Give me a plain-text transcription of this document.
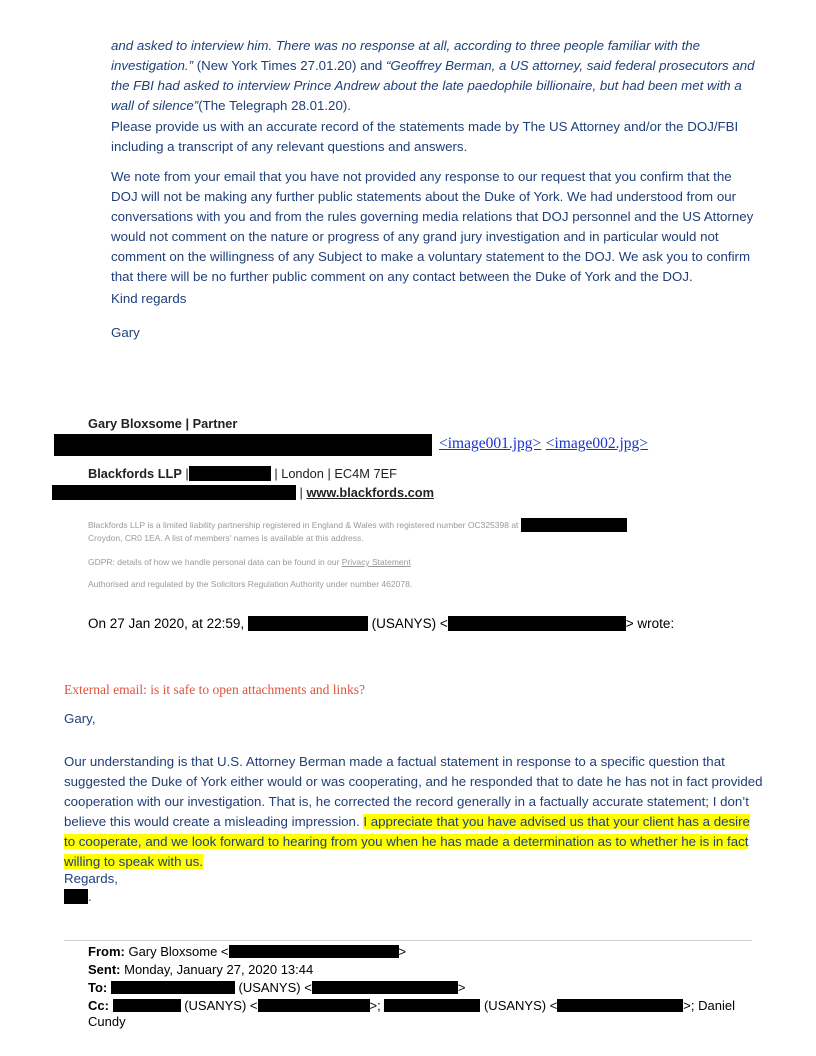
and asked to interview him. There was no response at all, according to three people familiar with the investigation.” (New York Times 27.01.20) and “Geoffrey Berman, a US attorney, said federal prosecutors and the FBI had asked to interview Prince Andrew about the late paedophile billionaire, but had been met with a wall of silence”(The Telegraph 28.01.20).

Please provide us with an accurate record of the statements made by The US Attorney and/or the DOJ/FBI including a transcript of any relevant questions and answers.

We note from your email that you have not provided any response to our request that you confirm that the DOJ will not be making any further public statements about the Duke of York. We had understood from our conversations with you and from the rules governing media relations that DOJ personnel and the US Attorney would not comment on the nature or progress of any grand jury investigation and in particular would not comment on the willingness of any Subject to make a voluntary statement to the DOJ. We ask you to confirm that there will be no further public comment on any contact between the Duke of York and the DOJ.

Kind regards

Gary

Gary Bloxsome | Partner
<image001.jpg> <image002.jpg>
Blackfords LLP |	| London | EC4M 7EF
| www.blackfords.com

Blackfords LLP is a limited liability partnership registered in England & Wales with registered number OC325398 at
Croydon, CR0 1EA. A list of members' names is available at this address.

GDPR: details of how we handle personal data can be found in our Privacy Statement

Authorised and regulated by the Solicitors Regulation Authority under number 462078.

On 27 Jan 2020, at 22:59,	(USANYS) <	> wrote:
External email: is it safe to open attachments and links?

Gary,

Our understanding is that U.S. Attorney Berman made a factual statement in response to a specific question that suggested the Duke of York either would or was cooperating, and he responded that to date he has not in fact provided cooperation with our investigation. That is, he corrected the record generally in a factually accurate statement; I don’t believe this would create a misleading impression. I appreciate that you have advised us that your client has a desire to cooperate, and we look forward to hearing from you when he has made a determination as to whether he is in fact willing to speak with us.

Regards,

.
From: Gary Bloxsome <	>
Sent: Monday, January 27, 2020 13:44
To:	(USANYS) <	>
Cc:	(USANYS) <	>;	(USANYS) <	>; Daniel Cundy
